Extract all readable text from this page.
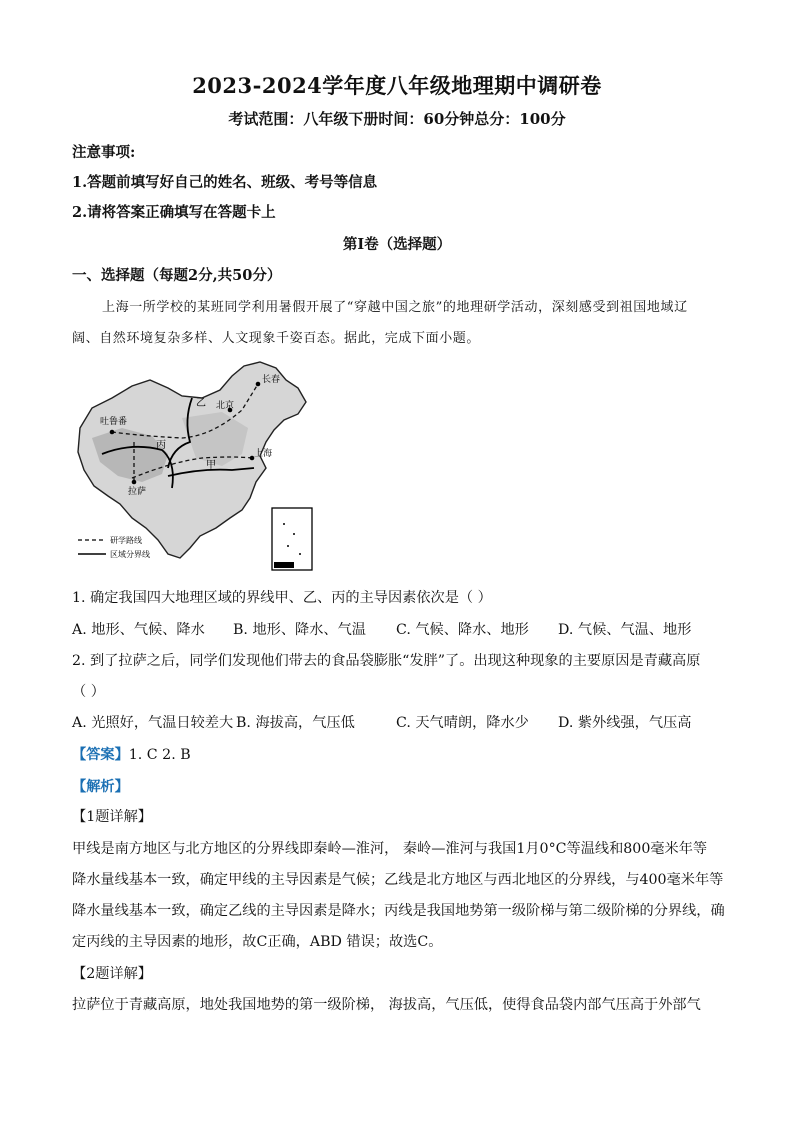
2023-2024学年度八年级地理期中调研卷
考试范围：八年级下册时间：60分钟总分：100分
注意事项:
1.答题前填写好自己的姓名、班级、考号等信息
2.请将答案正确填写在答题卡上
第I卷（选择题）
一、选择题（每题2分,共50分）
上海一所学校的某班同学利用暑假开展了“穿越中国之旅”的地理研学活动，深刻感受到祖国地域辽
阔、自然环境复杂多样、人文现象千姿百态。据此，完成下面小题。
吐鲁番
长春
北京
乙
甲
丙
拉萨
上海
研学路线
区域分界线
1. 确定我国四大地理区域的界线甲、乙、丙的主导因素依次是（ ）
A. 地形、气候、降水 B. 地形、降水、气温 C. 气候、降水、地形 D. 气候、气温、地形
2. 到了拉萨之后，同学们发现他们带去的食品袋膨胀“发胖”了。出现这种现象的主要原因是青藏高原
（ ）
A. 光照好，气温日较差大 B. 海拔高，气压低	C. 天气晴朗，降水少 D. 紫外线强，气压高
【答案】1. C 2. B
【解析】
【1题详解】
甲线是南方地区与北方地区的分界线即秦岭—淮河， 秦岭—淮河与我国1月0°C等温线和800毫米年等
降水量线基本一致，确定甲线的主导因素是气候；乙线是北方地区与西北地区的分界线，与400毫米年等
降水量线基本一致，确定乙线的主导因素是降水；丙线是我国地势第一级阶梯与第二级阶梯的分界线，确
定丙线的主导因素的地形，故C正确，ABD 错误；故选C。
【2题详解】
拉萨位于青藏高原，地处我国地势的第一级阶梯， 海拔高，气压低，使得食品袋内部气压高于外部气
